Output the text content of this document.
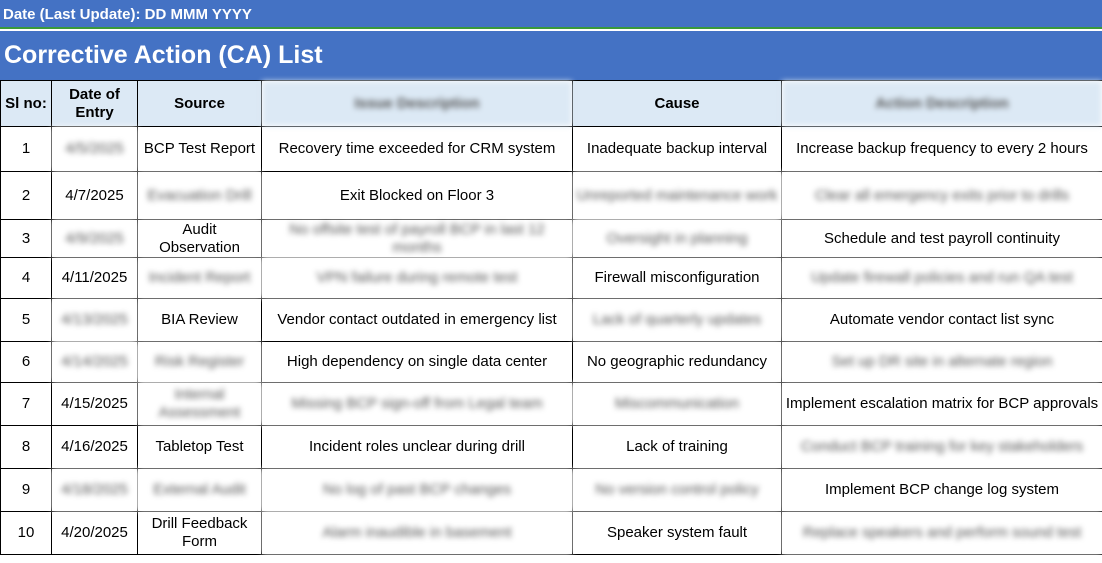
Date (Last Update): DD MMM YYYY
Corrective Action (CA) List
Sl no:	Date of Entry	Source	Issue Description	Cause	Action Description
1	4/5/2025	BCP Test Report	Recovery time exceeded for CRM system	Inadequate backup interval	Increase backup frequency to every 2 hours
2	4/7/2025	Evacuation Drill	Exit Blocked on Floor 3	Unreported maintenance work	Clear all emergency exits prior to drills
3	4/9/2025	Audit Observation	No offsite test of payroll BCP in last 12 months	Oversight in planning	Schedule and test payroll continuity
4	4/11/2025	Incident Report	VPN failure during remote test	Firewall misconfiguration	Update firewall policies and run QA test
5	4/13/2025	BIA Review	Vendor contact outdated in emergency list	Lack of quarterly updates	Automate vendor contact list sync
6	4/14/2025	Risk Register	High dependency on single data center	No geographic redundancy	Set up DR site in alternate region
7	4/15/2025	Internal Assessment	Missing BCP sign-off from Legal team	Miscommunication	Implement escalation matrix for BCP approvals
8	4/16/2025	Tabletop Test	Incident roles unclear during drill	Lack of training	Conduct BCP training for key stakeholders
9	4/18/2025	External Audit	No log of past BCP changes	No version control policy	Implement BCP change log system
10	4/20/2025	Drill Feedback Form	Alarm inaudible in basement	Speaker system fault	Replace speakers and perform sound test
